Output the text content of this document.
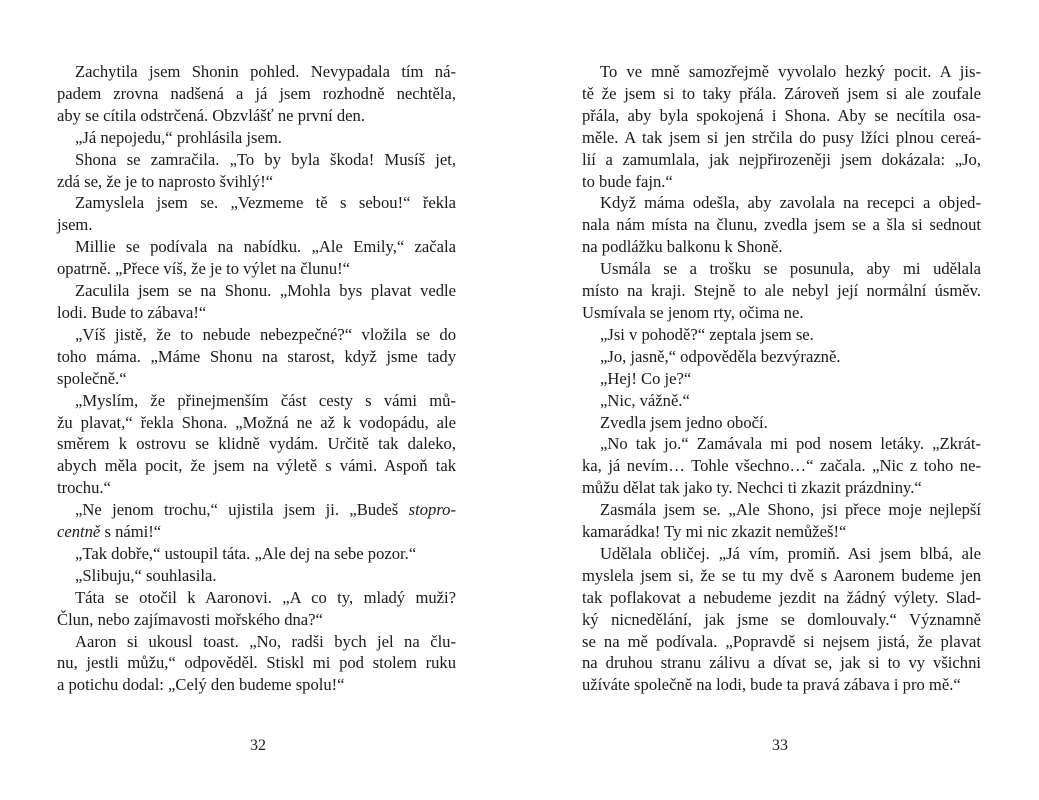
Zachytila jsem Shonin pohled. Nevypadala tím ná-
padem zrovna nadšená a já jsem rozhodně nechtěla,
aby se cítila odstrčená. Obzvlášť ne první den.
„Já nepojedu,“ prohlásila jsem.
Shona se zamračila. „To by byla škoda! Musíš jet,
zdá se, že je to naprosto švihlý!“
Zamyslela jsem se. „Vezmeme tě s sebou!“ řekla
jsem.
Millie se podívala na nabídku. „Ale Emily,“ začala
opatrně. „Přece víš, že je to výlet na člunu!“
Zaculila jsem se na Shonu. „Mohla bys plavat vedle
lodi. Bude to zábava!“
„Víš jistě, že to nebude nebezpečné?“ vložila se do
toho máma. „Máme Shonu na starost, když jsme tady
společně.“
„Myslím, že přinejmenším část cesty s vámi mů-
žu plavat,“ řekla Shona. „Možná ne až k vodopádu, ale
směrem k ostrovu se klidně vydám. Určitě tak daleko,
abych měla pocit, že jsem na výletě s vámi. Aspoň tak
trochu.“
„Ne jenom trochu,“ ujistila jsem ji. „Budeš stopro-
centně s námi!“
„Tak dobře,“ ustoupil táta. „Ale dej na sebe pozor.“
„Slibuju,“ souhlasila.
Táta se otočil k Aaronovi. „A co ty, mladý muži?
Člun, nebo zajímavosti mořského dna?“
Aaron si ukousl toast. „No, radši bych jel na člu-
nu, jestli můžu,“ odpověděl. Stiskl mi pod stolem ruku
a potichu dodal: „Celý den budeme spolu!“
To ve mně samozřejmě vyvolalo hezký pocit. A jis-
tě že jsem si to taky přála. Zároveň jsem si ale zoufale
přála, aby byla spokojená i Shona. Aby se necítila osa-
měle. A tak jsem si jen strčila do pusy lžíci plnou cereá-
lií a zamumlala, jak nejpřirozeněji jsem dokázala: „Jo,
to bude fajn.“
Když máma odešla, aby zavolala na recepci a objed-
nala nám místa na člunu, zvedla jsem se a šla si sednout
na podlážku balkonu k Shoně.
Usmála se a trošku se posunula, aby mi udělala
místo na kraji. Stejně to ale nebyl její normální úsměv.
Usmívala se jenom rty, očima ne.
„Jsi v pohodě?“ zeptala jsem se.
„Jo, jasně,“ odpověděla bezvýrazně.
„Hej! Co je?“
„Nic, vážně.“
Zvedla jsem jedno obočí.
„No tak jo.“ Zamávala mi pod nosem letáky. „Zkrát-
ka, já nevím… Tohle všechno…“ začala. „Nic z toho ne-
můžu dělat tak jako ty. Nechci ti zkazit prázdniny.“
Zasmála jsem se. „Ale Shono, jsi přece moje nejlepší
kamarádka! Ty mi nic zkazit nemůžeš!“
Udělala obličej. „Já vím, promiň. Asi jsem blbá, ale
myslela jsem si, že se tu my dvě s Aaronem budeme jen
tak poflakovat a nebudeme jezdit na žádný výlety. Slad-
ký nicnedělání, jak jsme se domlouvaly.“ Významně
se na mě podívala. „Popravdě si nejsem jistá, že plavat
na druhou stranu zálivu a dívat se, jak si to vy všichni
užíváte společně na lodi, bude ta pravá zábava i pro mě.“
32	33
